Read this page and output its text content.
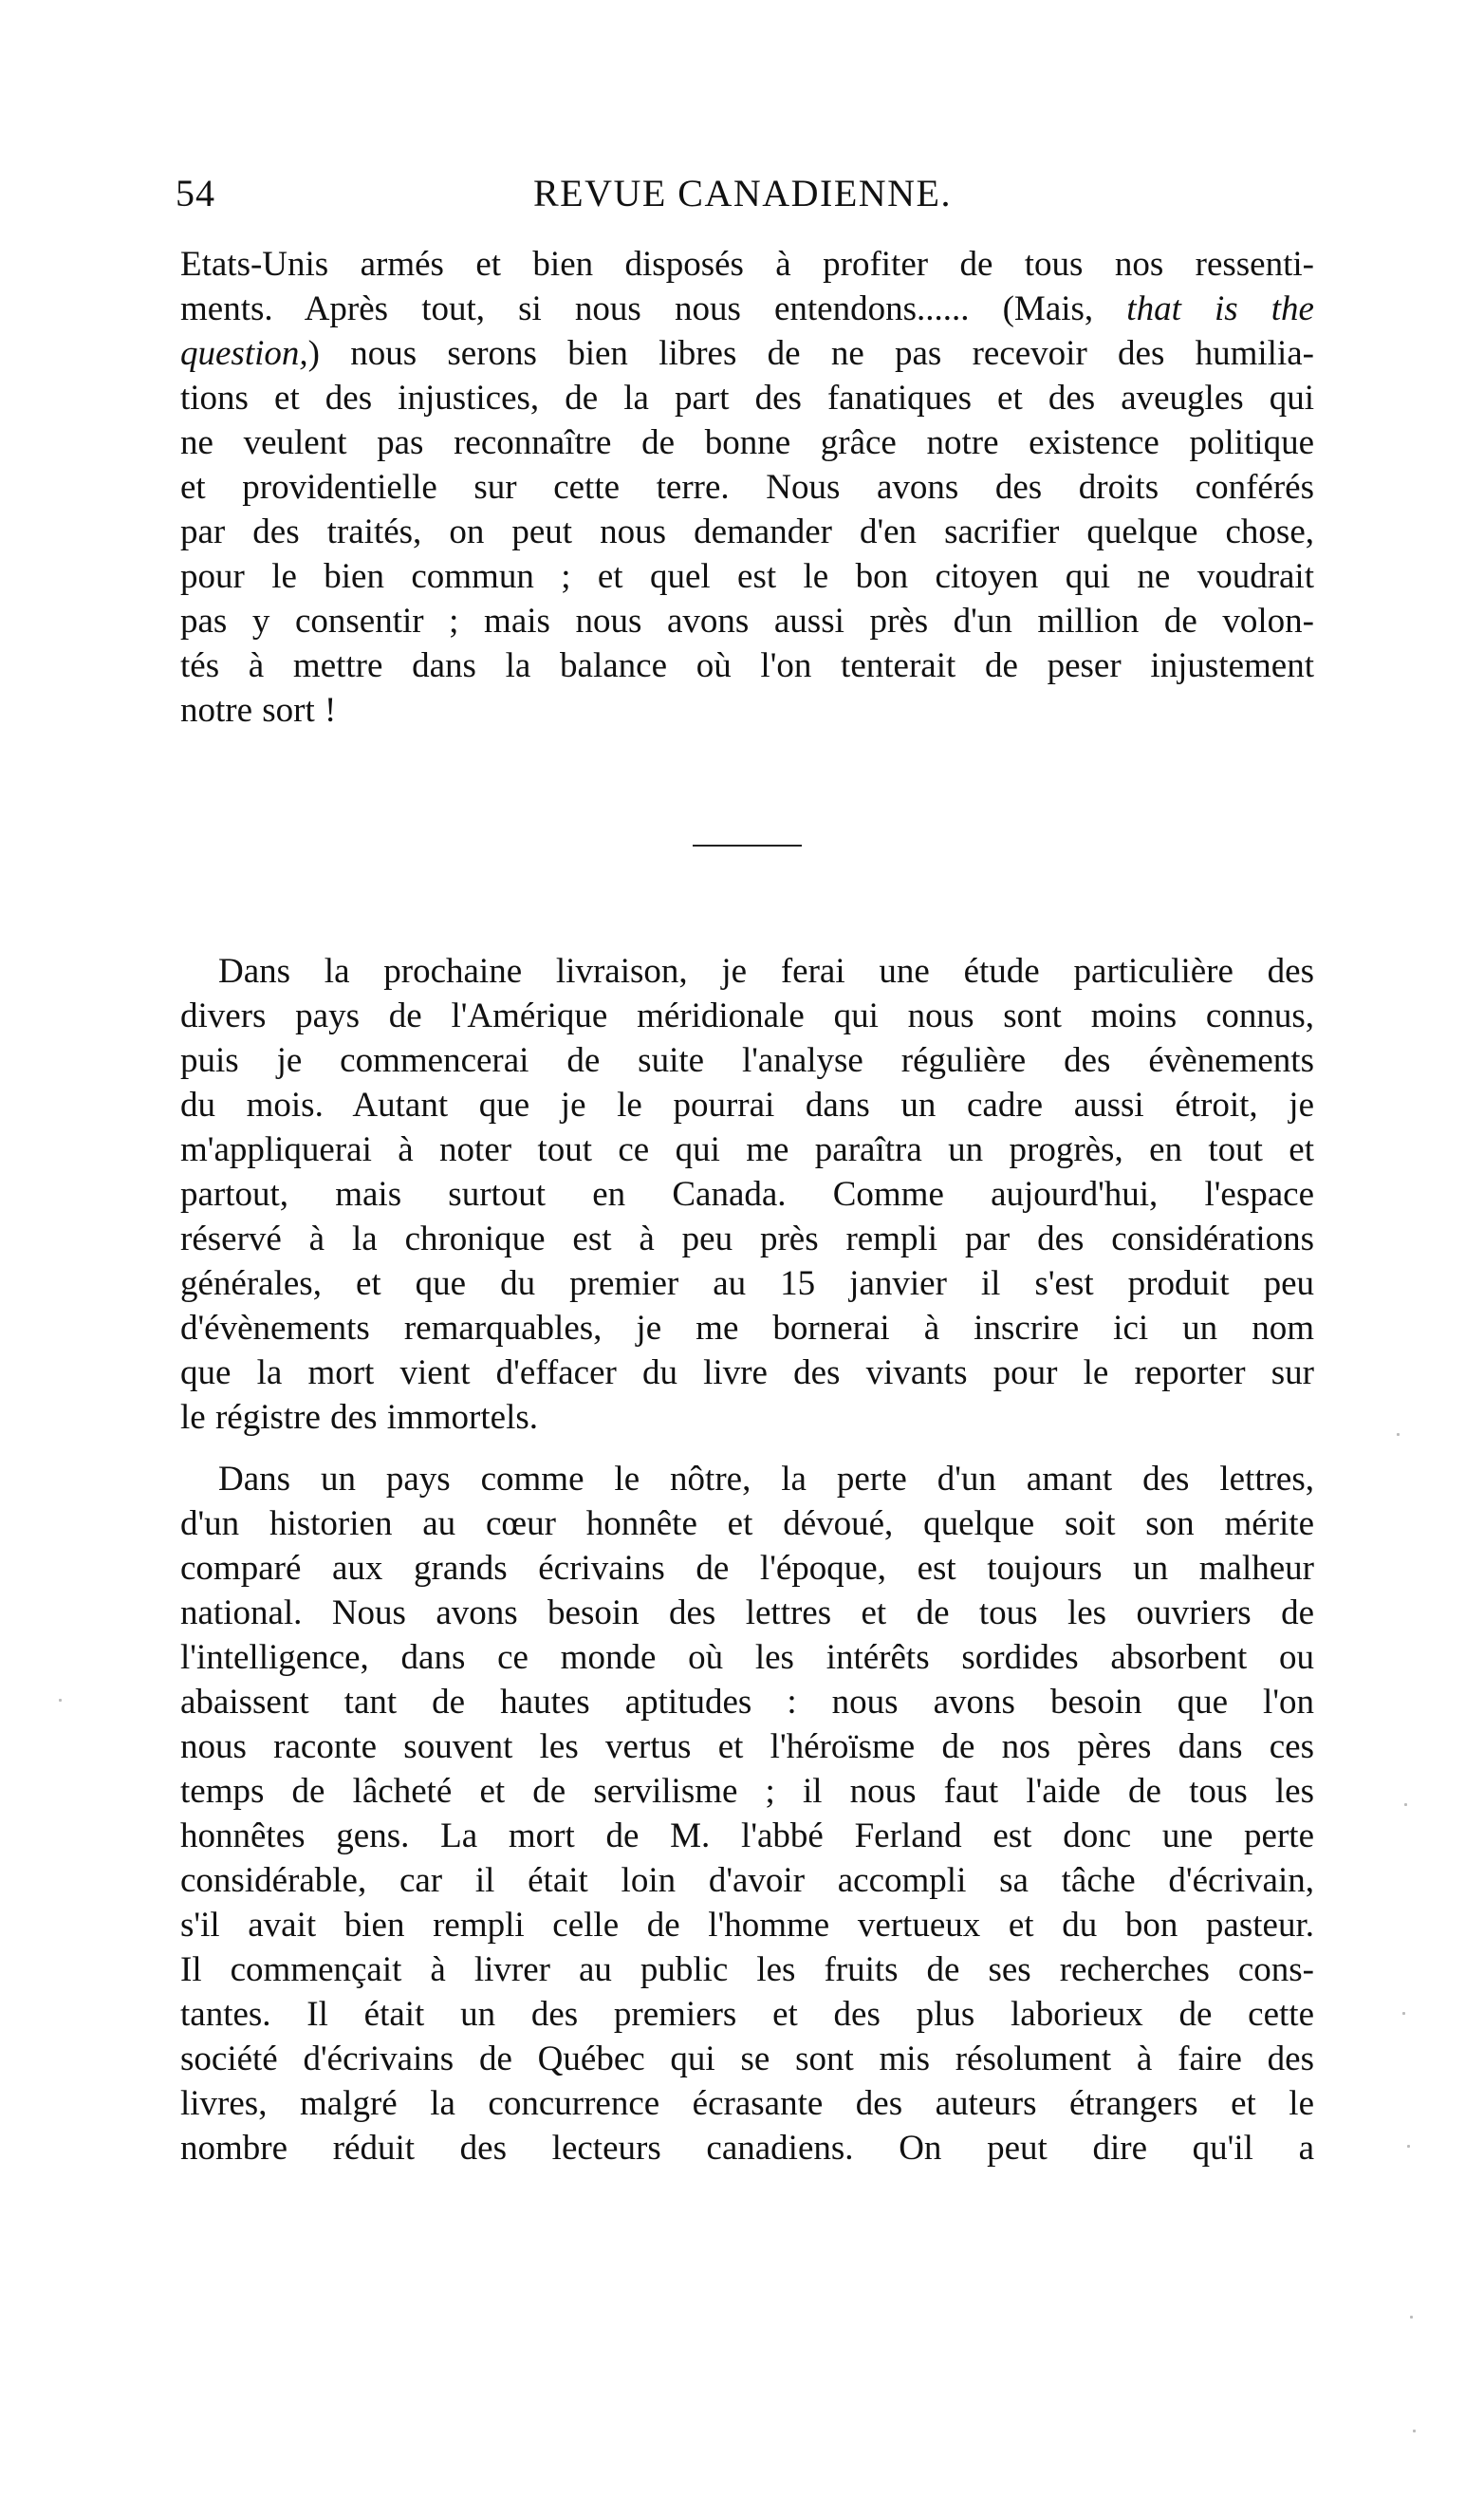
54	REVUE CANADIENNE.
Etats-Unis armés et bien disposés à profiter de tous nos ressenti-
ments. Après tout, si nous nous entendons...... (Mais, that is the
question,) nous serons bien libres de ne pas recevoir des humilia-
tions et des injustices, de la part des fanatiques et des aveugles qui
ne veulent pas reconnaître de bonne grâce notre existence politique
et providentielle sur cette terre. Nous avons des droits conférés
par des traités, on peut nous demander d'en sacrifier quelque chose,
pour le bien commun ; et quel est le bon citoyen qui ne voudrait
pas y consentir ; mais nous avons aussi près d'un million de volon-
tés à mettre dans la balance où l'on tenterait de peser injustement
notre sort !
Dans la prochaine livraison, je ferai une étude particulière des
divers pays de l'Amérique méridionale qui nous sont moins connus,
puis je commencerai de suite l'analyse régulière des évènements
du mois. Autant que je le pourrai dans un cadre aussi étroit, je
m'appliquerai à noter tout ce qui me paraîtra un progrès, en tout et
partout, mais surtout en Canada. Comme aujourd'hui, l'espace
réservé à la chronique est à peu près rempli par des considérations
générales, et que du premier au 15 janvier il s'est produit peu
d'évènements remarquables, je me bornerai à inscrire ici un nom
que la mort vient d'effacer du livre des vivants pour le reporter sur
le régistre des immortels.
Dans un pays comme le nôtre, la perte d'un amant des lettres,
d'un historien au cœur honnête et dévoué, quelque soit son mérite
comparé aux grands écrivains de l'époque, est toujours un malheur
national. Nous avons besoin des lettres et de tous les ouvriers de
l'intelligence, dans ce monde où les intérêts sordides absorbent ou
abaissent tant de hautes aptitudes : nous avons besoin que l'on
nous raconte souvent les vertus et l'héroïsme de nos pères dans ces
temps de lâcheté et de servilisme ; il nous faut l'aide de tous les
honnêtes gens. La mort de M. l'abbé Ferland est donc une perte
considérable, car il était loin d'avoir accompli sa tâche d'écrivain,
s'il avait bien rempli celle de l'homme vertueux et du bon pasteur.
Il commençait à livrer au public les fruits de ses recherches cons-
tantes. Il était un des premiers et des plus laborieux de cette
société d'écrivains de Québec qui se sont mis résolument à faire des
livres, malgré la concurrence écrasante des auteurs étrangers et le
nombre réduit des lecteurs canadiens. On peut dire qu'il a
